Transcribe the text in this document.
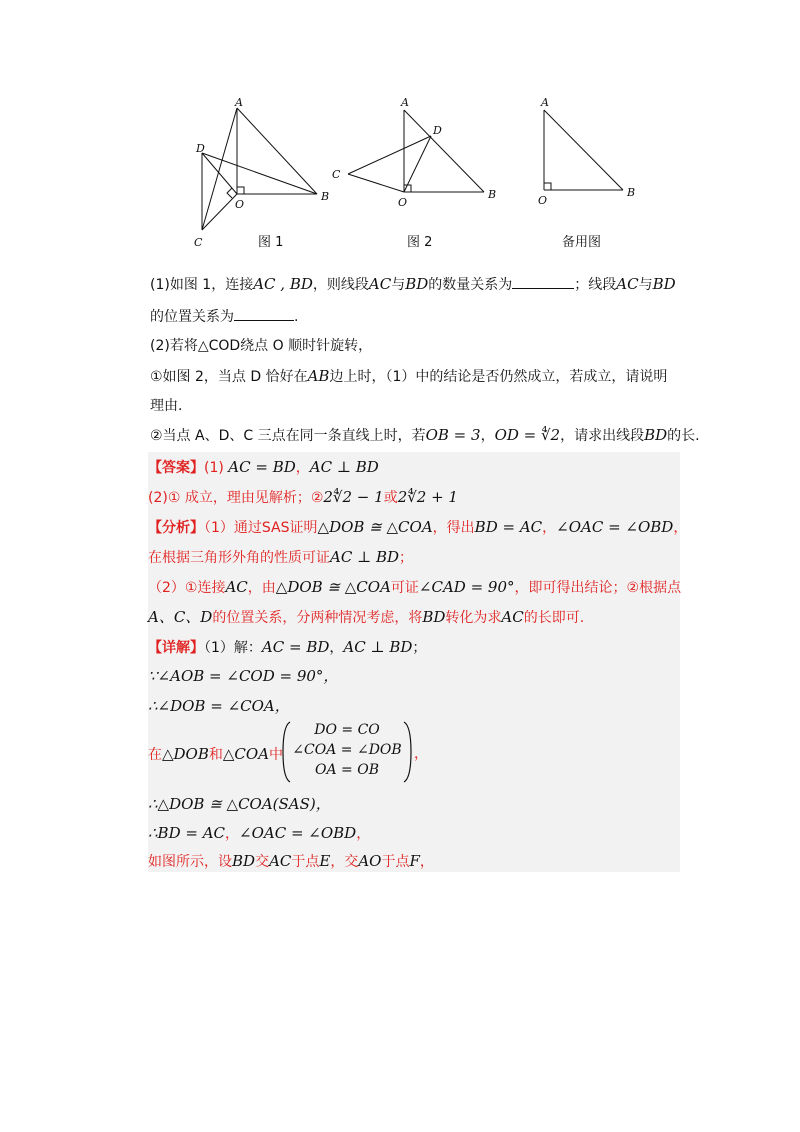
A
B
C
D
O
图 1
A
B
C
D
O
图 2
A
B
O
备用图
(1)如图 1，连接AC , BD，则线段AC与BD的数量关系为	；线段AC与BD
的位置关系为	.
(2)若将△COD绕点 O 顺时针旋转，
①如图 2，当点 D 恰好在AB边上时，（1）中的结论是否仍然成立，若成立，请说明
理由.
②当点 A、D、C 三点在同一条直线上时，若OB = 3，OD = ∜2，请求出线段BD的长.
【答案】(1) AC = BD，AC ⊥ BD
(2)① 成立，理由见解析；②2∜2 − 1或2∜2 + 1
【分析】（1）通过SAS证明△DOB ≅ △COA，得出BD = AC，∠OAC = ∠OBD，
在根据三角形外角的性质可证AC ⊥ BD；
（2）①连接AC，由△DOB ≅ △COA可证∠CAD = 90°，即可得出结论；②根据点
A、C、D的位置关系，分两种情况考虑，将BD转化为求AC的长即可.
【详解】（1）解：AC = BD，AC ⊥ BD；
∵∠AOB = ∠COD = 90°，
∴∠DOB = ∠COA，
在△DOB和△COA中
DO = CO
∠COA = ∠DOB
OA = OB
，
∴△DOB ≅ △COA(SAS)，
∴BD = AC，∠OAC = ∠OBD，
如图所示，设BD交AC于点E，交AO于点F，
